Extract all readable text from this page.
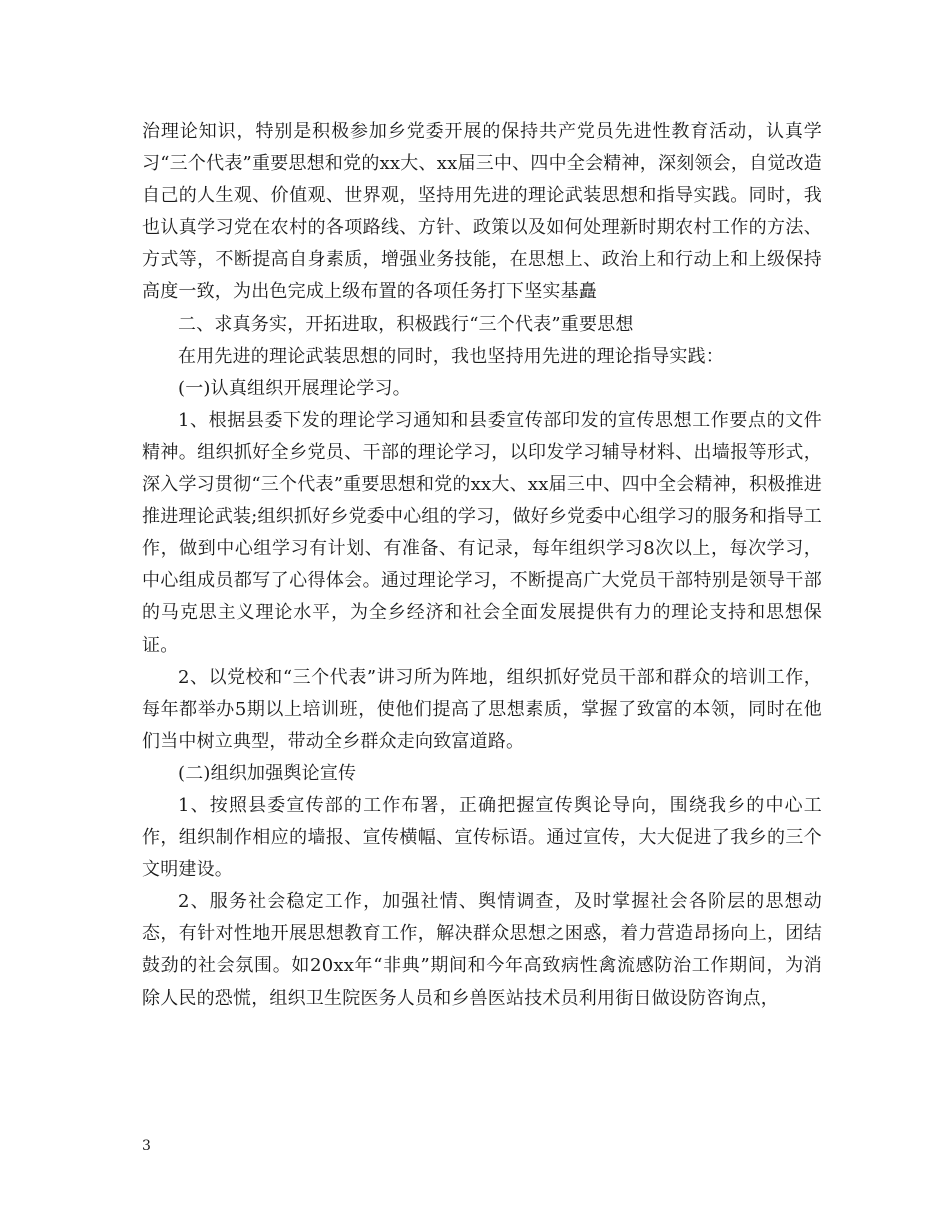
治理论知识，特别是积极参加乡党委开展的保持共产党员先进性教育活动，认真学习“三个代表”重要思想和党的xx大、xx届三中、四中全会精神，深刻领会，自觉改造自己的人生观、价值观、世界观，坚持用先进的理论武装思想和指导实践。同时，我也认真学习党在农村的各项路线、方针、政策以及如何处理新时期农村工作的方法、方式等，不断提高自身素质，增强业务技能，在思想上、政治上和行动上和上级保持高度一致，为出色完成上级布置的各项任务打下坚实基矗

二、求真务实，开拓进取，积极践行“三个代表”重要思想

在用先进的理论武装思想的同时，我也坚持用先进的理论指导实践：

(一)认真组织开展理论学习。

1、根据县委下发的理论学习通知和县委宣传部印发的宣传思想工作要点的文件精神。组织抓好全乡党员、干部的理论学习，以印发学习辅导材料、出墙报等形式，深入学习贯彻“三个代表”重要思想和党的xx大、xx届三中、四中全会精神，积极推进推进理论武装;组织抓好乡党委中心组的学习，做好乡党委中心组学习的服务和指导工作，做到中心组学习有计划、有准备、有记录，每年组织学习8次以上，每次学习，中心组成员都写了心得体会。通过理论学习，不断提高广大党员干部特别是领导干部的马克思主义理论水平，为全乡经济和社会全面发展提供有力的理论支持和思想保证。

2、以党校和“三个代表”讲习所为阵地，组织抓好党员干部和群众的培训工作，每年都举办5期以上培训班，使他们提高了思想素质，掌握了致富的本领，同时在他们当中树立典型，带动全乡群众走向致富道路。

(二)组织加强舆论宣传

1、按照县委宣传部的工作布署，正确把握宣传舆论导向，围绕我乡的中心工作，组织制作相应的墙报、宣传横幅、宣传标语。通过宣传，大大促进了我乡的三个文明建设。

2、服务社会稳定工作，加强社情、舆情调查，及时掌握社会各阶层的思想动态，有针对性地开展思想教育工作，解决群众思想之困惑，着力营造昂扬向上，团结鼓劲的社会氛围。如20xx年“非典”期间和今年高致病性禽流感防治工作期间，为消除人民的恐慌，组织卫生院医务人员和乡兽医站技术员利用街日做设防咨询点，

3
